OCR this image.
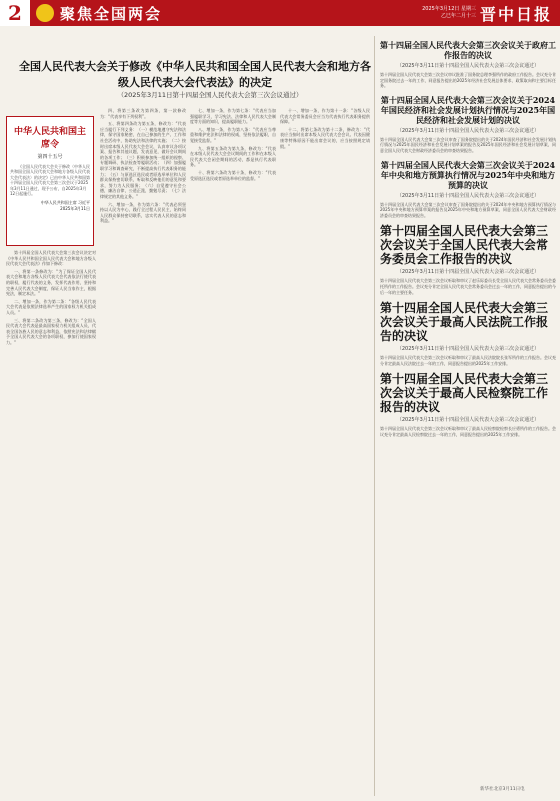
2	聚焦全国两会	2025年3月12日 星期三
乙巳年二月十三 晋中日报
全国人民代表大会关于修改《中华人民共和国全国人民代表大会和地方各级人民代表大会代表法》的决定
（2025年3月11日第十四届全国人民代表大会第三次会议通过）
中华人民共和国主席令
第四十五号
《全国人民代表大会关于修改〈中华人民共和国全国人民代表大会和地方各级人民代表大会代表法〉的决定》已由中华人民共和国第十四届全国人民代表大会第三次会议于2025年3月11日通过，现予公布，自2025年3月12日起施行。
中华人民共和国主席 习近平
2025年3月11日

第十四届全国人民代表大会第三次会议决定对《中华人民共和国全国人民代表大会和地方各级人民代表大会代表法》作如下修改：

一、将第一条修改为：“为了保证全国人民代表大会和地方各级人民代表大会代表依法行使代表的职权，履行代表的义务，发挥代表作用，坚持和完善人民代表大会制度，保证人民当家作主，根据宪法，制定本法。”

二、增加一条，作为第二条：“各级人民代表大会代表是依照法律选举产生的国家权力机关组成人员。”

三、将第二条改为第三条，修改为：“全国人民代表大会代表是最高国家权力机关组成人员，代表全国各族人民的意志和利益，依照宪法和法律赋予全国人民代表大会的各项职权，参加行使国家权力。”

四、将第三条改为第四条，第一款修改为：“代表享有下列权利”。

五、将第四条改为第五条，修改为：“代表应当履行下列义务：（一）模范地遵守宪法和法律，保守国家秘密，在自己参加的生产、工作和社会活动中，协助宪法和法律的实施；（二）按时出席本级人民代表大会会议，认真审议各项议案、报告和其他议题，发表意见，做好会议期间的各项工作；（三）积极参加统一组织的视察、专题调研、执法检查等履职活动；（四）加强履职学习和调查研究，不断提高执行代表职务的能力；（五）与原选区选民或者原选举单位和人民群众保持密切联系，听取和反映他们的意见和要求，努力为人民服务；（六）自觉遵守社会公德，廉洁自律，公道正派，勤勉尽责；（七）法律规定的其他义务。”

六、增加一条，作为第六条：“代表必须坚持以人民为中心，践行全过程人民民主，始终同人民群众保持密切联系，忠实代表人民的意志和利益。”

七、增加一条，作为第七条：“代表应当加强履职学习，学习宪法、法律和人民代表大会制度等方面的知识，提高履职能力。”

八、增加一条，作为第八条：“代表应当尊重和维护宪法和法律的权威，坚持依法履职，自觉接受监督。”

九、将第五条改为第九条，修改为：“代表在本级人民代表大会会议期间的工作和在本级人民代表大会闭会期间的活动，都是执行代表职务。”

十、将第六条改为第十条，修改为：“代表受原选区选民或者原选举单位的监督。”

十一、增加一条，作为第十一条：“各级人民代表大会常务委员会应当为代表执行代表职务提供保障。”

十二、将第七条改为第十二条，修改为：“代表应当按时出席本级人民代表大会会议。代表因健康等特殊原因不能出席会议的，应当按照规定请假。”

第十四届全国人民代表大会第三次会议关于政府工作报告的决议
（2025年3月11日第十四届全国人民代表大会第三次会议通过）
第十四届全国人民代表大会第三次会议审议批准了国务院总理李强所作的政府工作报告。会议充分肯定国务院过去一年的工作，同意报告提出的2025年经济社会发展总体要求、政策取向和主要目标任务。
第十四届全国人民代表大会第三次会议关于2024年国民经济和社会发展计划执行情况与2025年国民经济和社会发展计划的决议
（2025年3月11日第十四届全国人民代表大会第三次会议通过）
第十四届全国人民代表大会第三次会议审查了国务院提出的关于2024年国民经济和社会发展计划执行情况与2025年国民经济和社会发展计划草案的报告及2025年国民经济和社会发展计划草案，同意全国人民代表大会财政经济委员会的审查结果报告。
第十四届全国人民代表大会第三次会议关于2024年中央和地方预算执行情况与2025年中央和地方预算的决议
（2025年3月11日第十四届全国人民代表大会第三次会议通过）
第十四届全国人民代表大会第三次会议审查了国务院提出的关于2024年中央和地方预算执行情况与2025年中央和地方预算草案的报告及2025年中央和地方预算草案，同意全国人民代表大会财政经济委员会的审查结果报告。
第十四届全国人民代表大会第三次会议关于全国人民代表大会常务委员会工作报告的决议
（2025年3月11日第十四届全国人民代表大会第三次会议通过）
第十四届全国人民代表大会第三次会议听取和审议了赵乐际委员长受全国人民代表大会常务委员会委托所作的工作报告。会议充分肯定全国人民代表大会常务委员会过去一年的工作，同意报告提出的今后一年的主要任务。
第十四届全国人民代表大会第三次会议关于最高人民法院工作报告的决议
（2025年3月11日第十四届全国人民代表大会第三次会议通过）
第十四届全国人民代表大会第三次会议听取和审议了最高人民法院院长张军所作的工作报告。会议充分肯定最高人民法院过去一年的工作，同意报告提出的2025年工作安排。
第十四届全国人民代表大会第三次会议关于最高人民检察院工作报告的决议
（2025年3月11日第十四届全国人民代表大会第三次会议通过）
第十四届全国人民代表大会第三次会议听取和审议了最高人民检察院检察长应勇所作的工作报告。会议充分肯定最高人民检察院过去一年的工作，同意报告提出的2025年工作安排。
新华社北京3月11日电
